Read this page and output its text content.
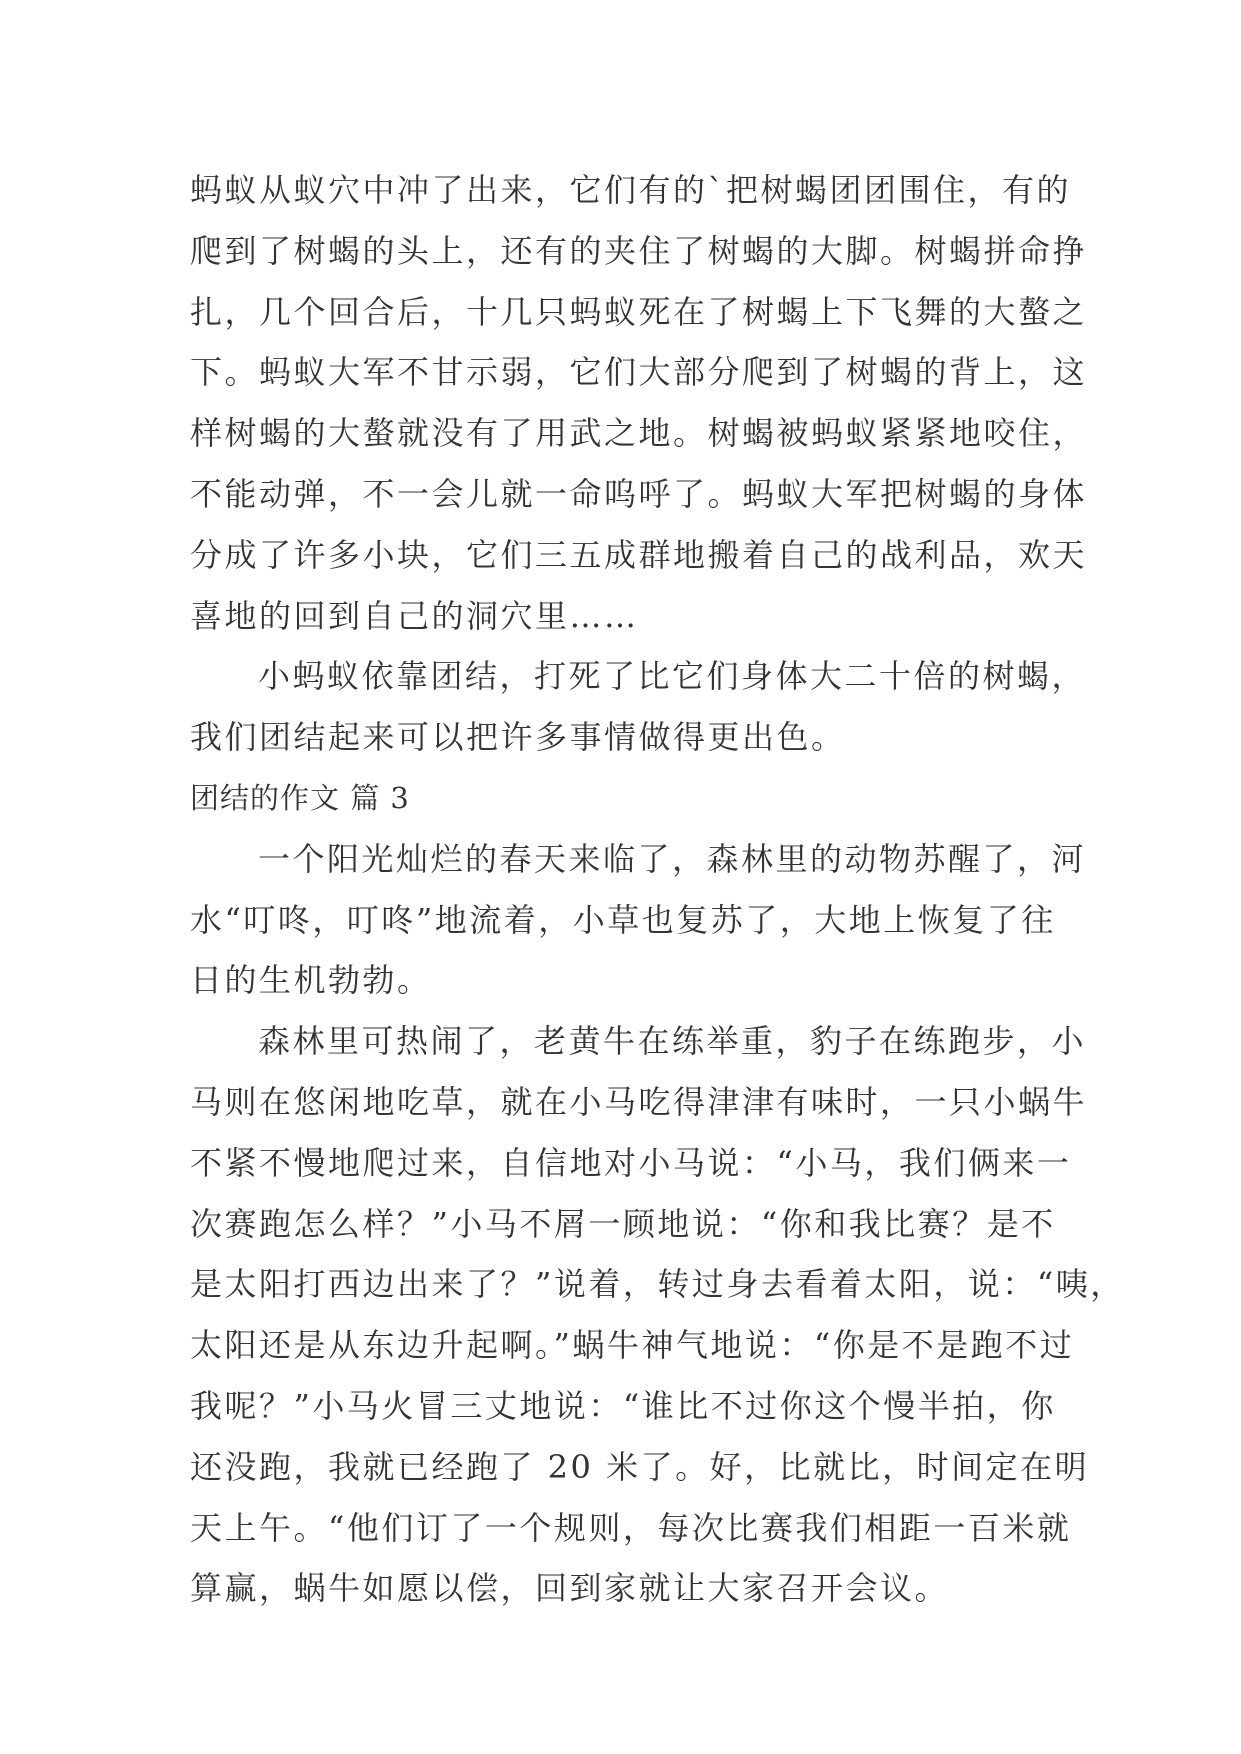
蚂蚁从蚁穴中冲了出来，它们有的`把树蝎团团围住，有的
爬到了树蝎的头上，还有的夹住了树蝎的大脚。树蝎拼命挣
扎，几个回合后，十几只蚂蚁死在了树蝎上下飞舞的大螯之
下。蚂蚁大军不甘示弱，它们大部分爬到了树蝎的背上，这
样树蝎的大螯就没有了用武之地。树蝎被蚂蚁紧紧地咬住，
不能动弹，不一会儿就一命呜呼了。蚂蚁大军把树蝎的身体
分成了许多小块，它们三五成群地搬着自己的战利品，欢天
喜地的回到自己的洞穴里……
小蚂蚁依靠团结，打死了比它们身体大二十倍的树蝎，
我们团结起来可以把许多事情做得更出色。
团结的作文 篇 3
一个阳光灿烂的春天来临了，森林里的动物苏醒了，河
水“叮咚，叮咚”地流着，小草也复苏了，大地上恢复了往
日的生机勃勃。
森林里可热闹了，老黄牛在练举重，豹子在练跑步，小
马则在悠闲地吃草，就在小马吃得津津有味时，一只小蜗牛
不紧不慢地爬过来，自信地对小马说：“小马，我们俩来一
次赛跑怎么样？”小马不屑一顾地说：“你和我比赛？是不
是太阳打西边出来了？”说着，转过身去看着太阳，说：“咦，
太阳还是从东边升起啊。”蜗牛神气地说：“你是不是跑不过
我呢？”小马火冒三丈地说：“谁比不过你这个慢半拍，你
还没跑，我就已经跑了 20 米了。好，比就比，时间定在明
天上午。“他们订了一个规则，每次比赛我们相距一百米就
算赢，蜗牛如愿以偿，回到家就让大家召开会议。
